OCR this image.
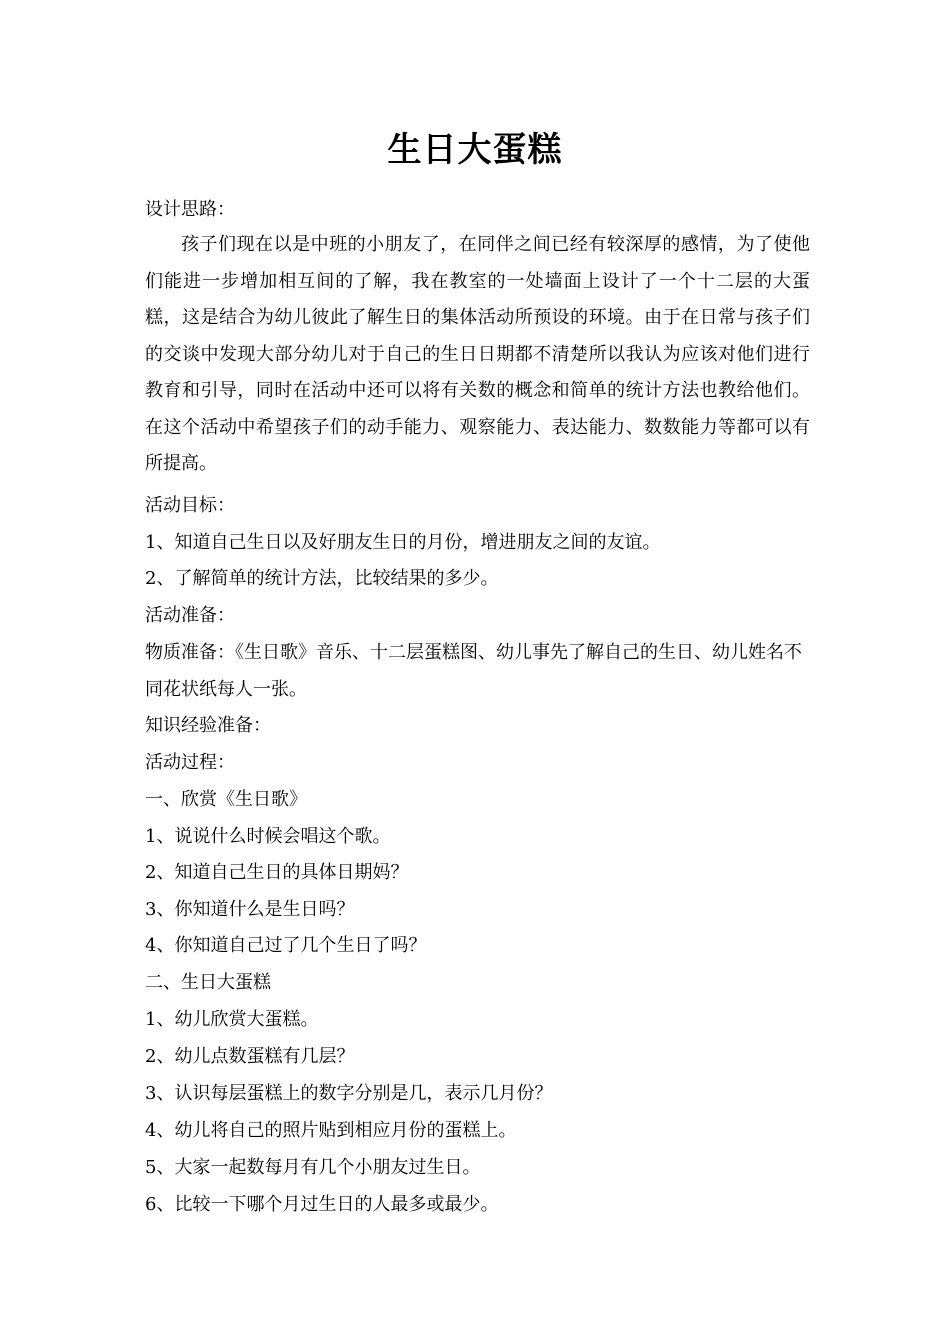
生日大蛋糕
设计思路：
孩子们现在以是中班的小朋友了，在同伴之间已经有较深厚的感情，为了使他们能进一步增加相互间的了解，我在教室的一处墙面上设计了一个十二层的大蛋糕，这是结合为幼儿彼此了解生日的集体活动所预设的环境。由于在日常与孩子们的交谈中发现大部分幼儿对于自己的生日日期都不清楚所以我认为应该对他们进行教育和引导，同时在活动中还可以将有关数的概念和简单的统计方法也教给他们。在这个活动中希望孩子们的动手能力、观察能力、表达能力、数数能力等都可以有所提高。
活动目标：
1、知道自己生日以及好朋友生日的月份，增进朋友之间的友谊。
2、了解简单的统计方法，比较结果的多少。
活动准备：
物质准备：《生日歌》音乐、十二层蛋糕图、幼儿事先了解自己的生日、幼儿姓名不
同花状纸每人一张。
知识经验准备：
活动过程：
一、欣赏《生日歌》
1、说说什么时候会唱这个歌。
2、知道自己生日的具体日期妈？
3、你知道什么是生日吗？
4、你知道自己过了几个生日了吗？
二、生日大蛋糕
1、幼儿欣赏大蛋糕。
2、幼儿点数蛋糕有几层？
3、认识每层蛋糕上的数字分别是几，表示几月份？
4、幼儿将自己的照片贴到相应月份的蛋糕上。
5、大家一起数每月有几个小朋友过生日。
6、比较一下哪个月过生日的人最多或最少。
